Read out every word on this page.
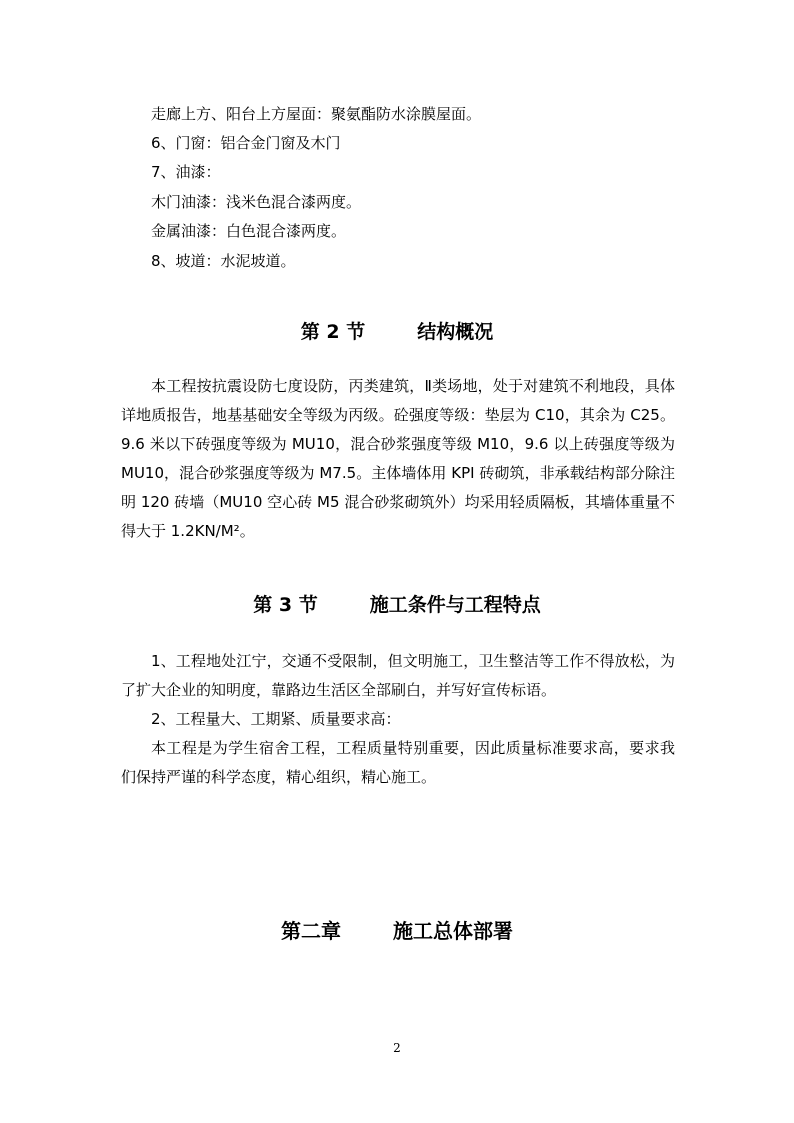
走廊上方、阳台上方屋面：聚氨酯防水涂膜屋面。
6、门窗：铝合金门窗及木门
7、油漆：
木门油漆：浅米色混合漆两度。
金属油漆：白色混合漆两度。
8、坡道：水泥坡道。
第 2 节	结构概况
本工程按抗震设防七度设防，丙类建筑，Ⅱ类场地，处于对建筑不利地段，具体详地质报告，地基基础安全等级为丙级。砼强度等级：垫层为 C10，其余为 C25。9.6 米以下砖强度等级为 MU10，混合砂浆强度等级 M10，9.6 以上砖强度等级为 MU10，混合砂浆强度等级为 M7.5。主体墙体用 KPI 砖砌筑，非承载结构部分除注明 120 砖墙（MU10 空心砖 M5 混合砂浆砌筑外）均采用轻质隔板，其墙体重量不得大于 1.2KN/M²。
第 3 节	施工条件与工程特点
1、工程地处江宁，交通不受限制，但文明施工，卫生整洁等工作不得放松，为了扩大企业的知明度，靠路边生活区全部刷白，并写好宣传标语。
2、工程量大、工期紧、质量要求高：
本工程是为学生宿舍工程，工程质量特别重要，因此质量标准要求高，要求我们保持严谨的科学态度，精心组织，精心施工。
第二章	施工总体部署
2
